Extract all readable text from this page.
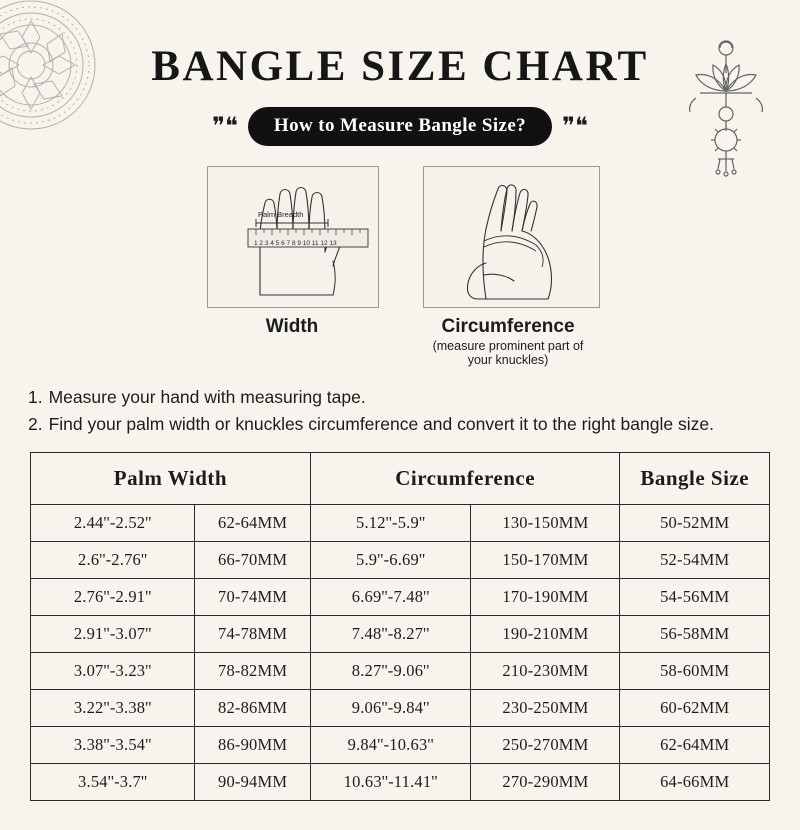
BANGLE SIZE CHART
❞❝	How to Measure Bangle Size?	❞❝
1 2 3 4 5 6 7 8 9 10 11 12 13
Palm Breadth
Width	Circumference
(measure prominent part of your knuckles)
1. Measure your hand with measuring tape.
2. Find your palm width or knuckles circumference and convert it to the right bangle size.
Palm Width		Circumference		Bangle Size
2.44''-2.52''	62-64MM	5.12''-5.9''	130-150MM	50-52MM
2.6''-2.76''	66-70MM	5.9''-6.69''	150-170MM	52-54MM
2.76''-2.91''	70-74MM	6.69''-7.48''	170-190MM	54-56MM
2.91''-3.07''	74-78MM	7.48''-8.27''	190-210MM	56-58MM
3.07''-3.23''	78-82MM	8.27''-9.06''	210-230MM	58-60MM
3.22''-3.38''	82-86MM	9.06''-9.84''	230-250MM	60-62MM
3.38''-3.54''	86-90MM	9.84''-10.63''	250-270MM	62-64MM
3.54''-3.7''	90-94MM	10.63''-11.41''	270-290MM	64-66MM
